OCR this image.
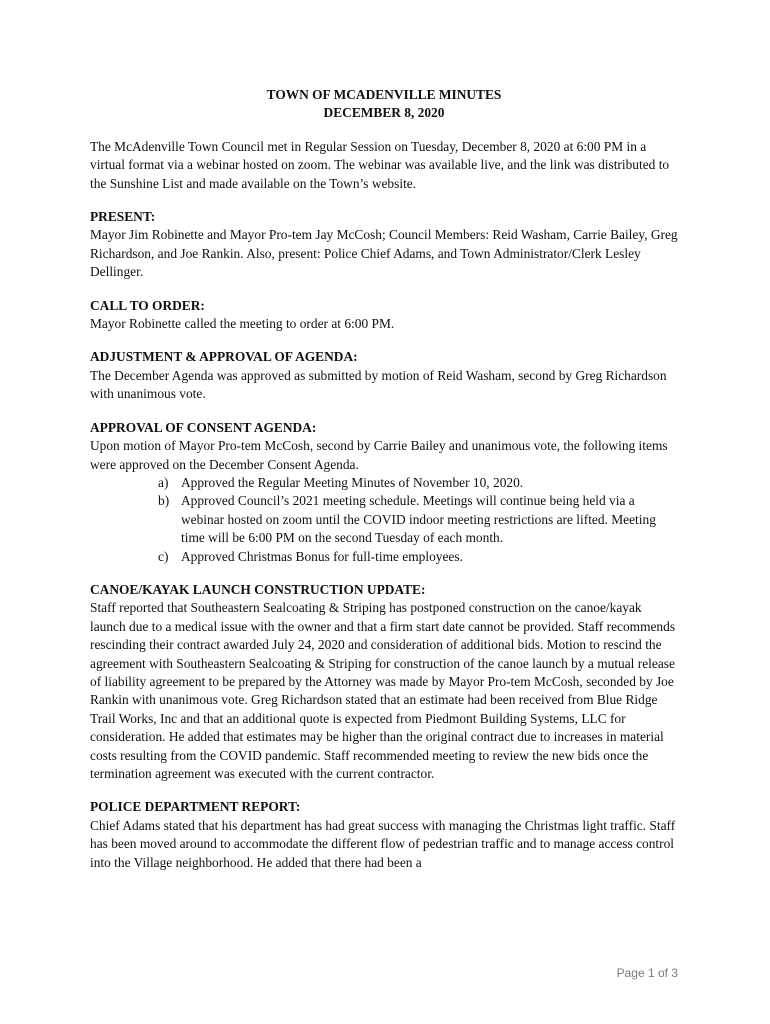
TOWN OF MCADENVILLE MINUTES

DECEMBER 8, 2020

The McAdenville Town Council met in Regular Session on Tuesday, December 8, 2020 at 6:00 PM in a virtual format via a webinar hosted on zoom. The webinar was available live, and the link was distributed to the Sunshine List and made available on the Town’s website.

PRESENT:

Mayor Jim Robinette and Mayor Pro-tem Jay McCosh; Council Members: Reid Washam, Carrie Bailey, Greg Richardson, and Joe Rankin. Also, present: Police Chief Adams, and Town Administrator/Clerk Lesley Dellinger.

CALL TO ORDER:

Mayor Robinette called the meeting to order at 6:00 PM.

ADJUSTMENT & APPROVAL OF AGENDA:

The December Agenda was approved as submitted by motion of Reid Washam, second by Greg Richardson with unanimous vote.

APPROVAL OF CONSENT AGENDA:

Upon motion of Mayor Pro-tem McCosh, second by Carrie Bailey and unanimous vote, the following items were approved on the December Consent Agenda.

a) Approved the Regular Meeting Minutes of November 10, 2020.
b) Approved Council’s 2021 meeting schedule. Meetings will continue being held via a webinar hosted on zoom until the COVID indoor meeting restrictions are lifted. Meeting time will be 6:00 PM on the second Tuesday of each month.
c) Approved Christmas Bonus for full-time employees.
CANOE/KAYAK LAUNCH CONSTRUCTION UPDATE:

Staff reported that Southeastern Sealcoating & Striping has postponed construction on the canoe/kayak launch due to a medical issue with the owner and that a firm start date cannot be provided. Staff recommends rescinding their contract awarded July 24, 2020 and consideration of additional bids. Motion to rescind the agreement with Southeastern Sealcoating & Striping for construction of the canoe launch by a mutual release of liability agreement to be prepared by the Attorney was made by Mayor Pro-tem McCosh, seconded by Joe Rankin with unanimous vote. Greg Richardson stated that an estimate had been received from Blue Ridge Trail Works, Inc and that an additional quote is expected from Piedmont Building Systems, LLC for consideration. He added that estimates may be higher than the original contract due to increases in material costs resulting from the COVID pandemic. Staff recommended meeting to review the new bids once the termination agreement was executed with the current contractor.

POLICE DEPARTMENT REPORT:

Chief Adams stated that his department has had great success with managing the Christmas light traffic. Staff has been moved around to accommodate the different flow of pedestrian traffic and to manage access control into the Village neighborhood. He added that there had been a

Page 1 of 3
